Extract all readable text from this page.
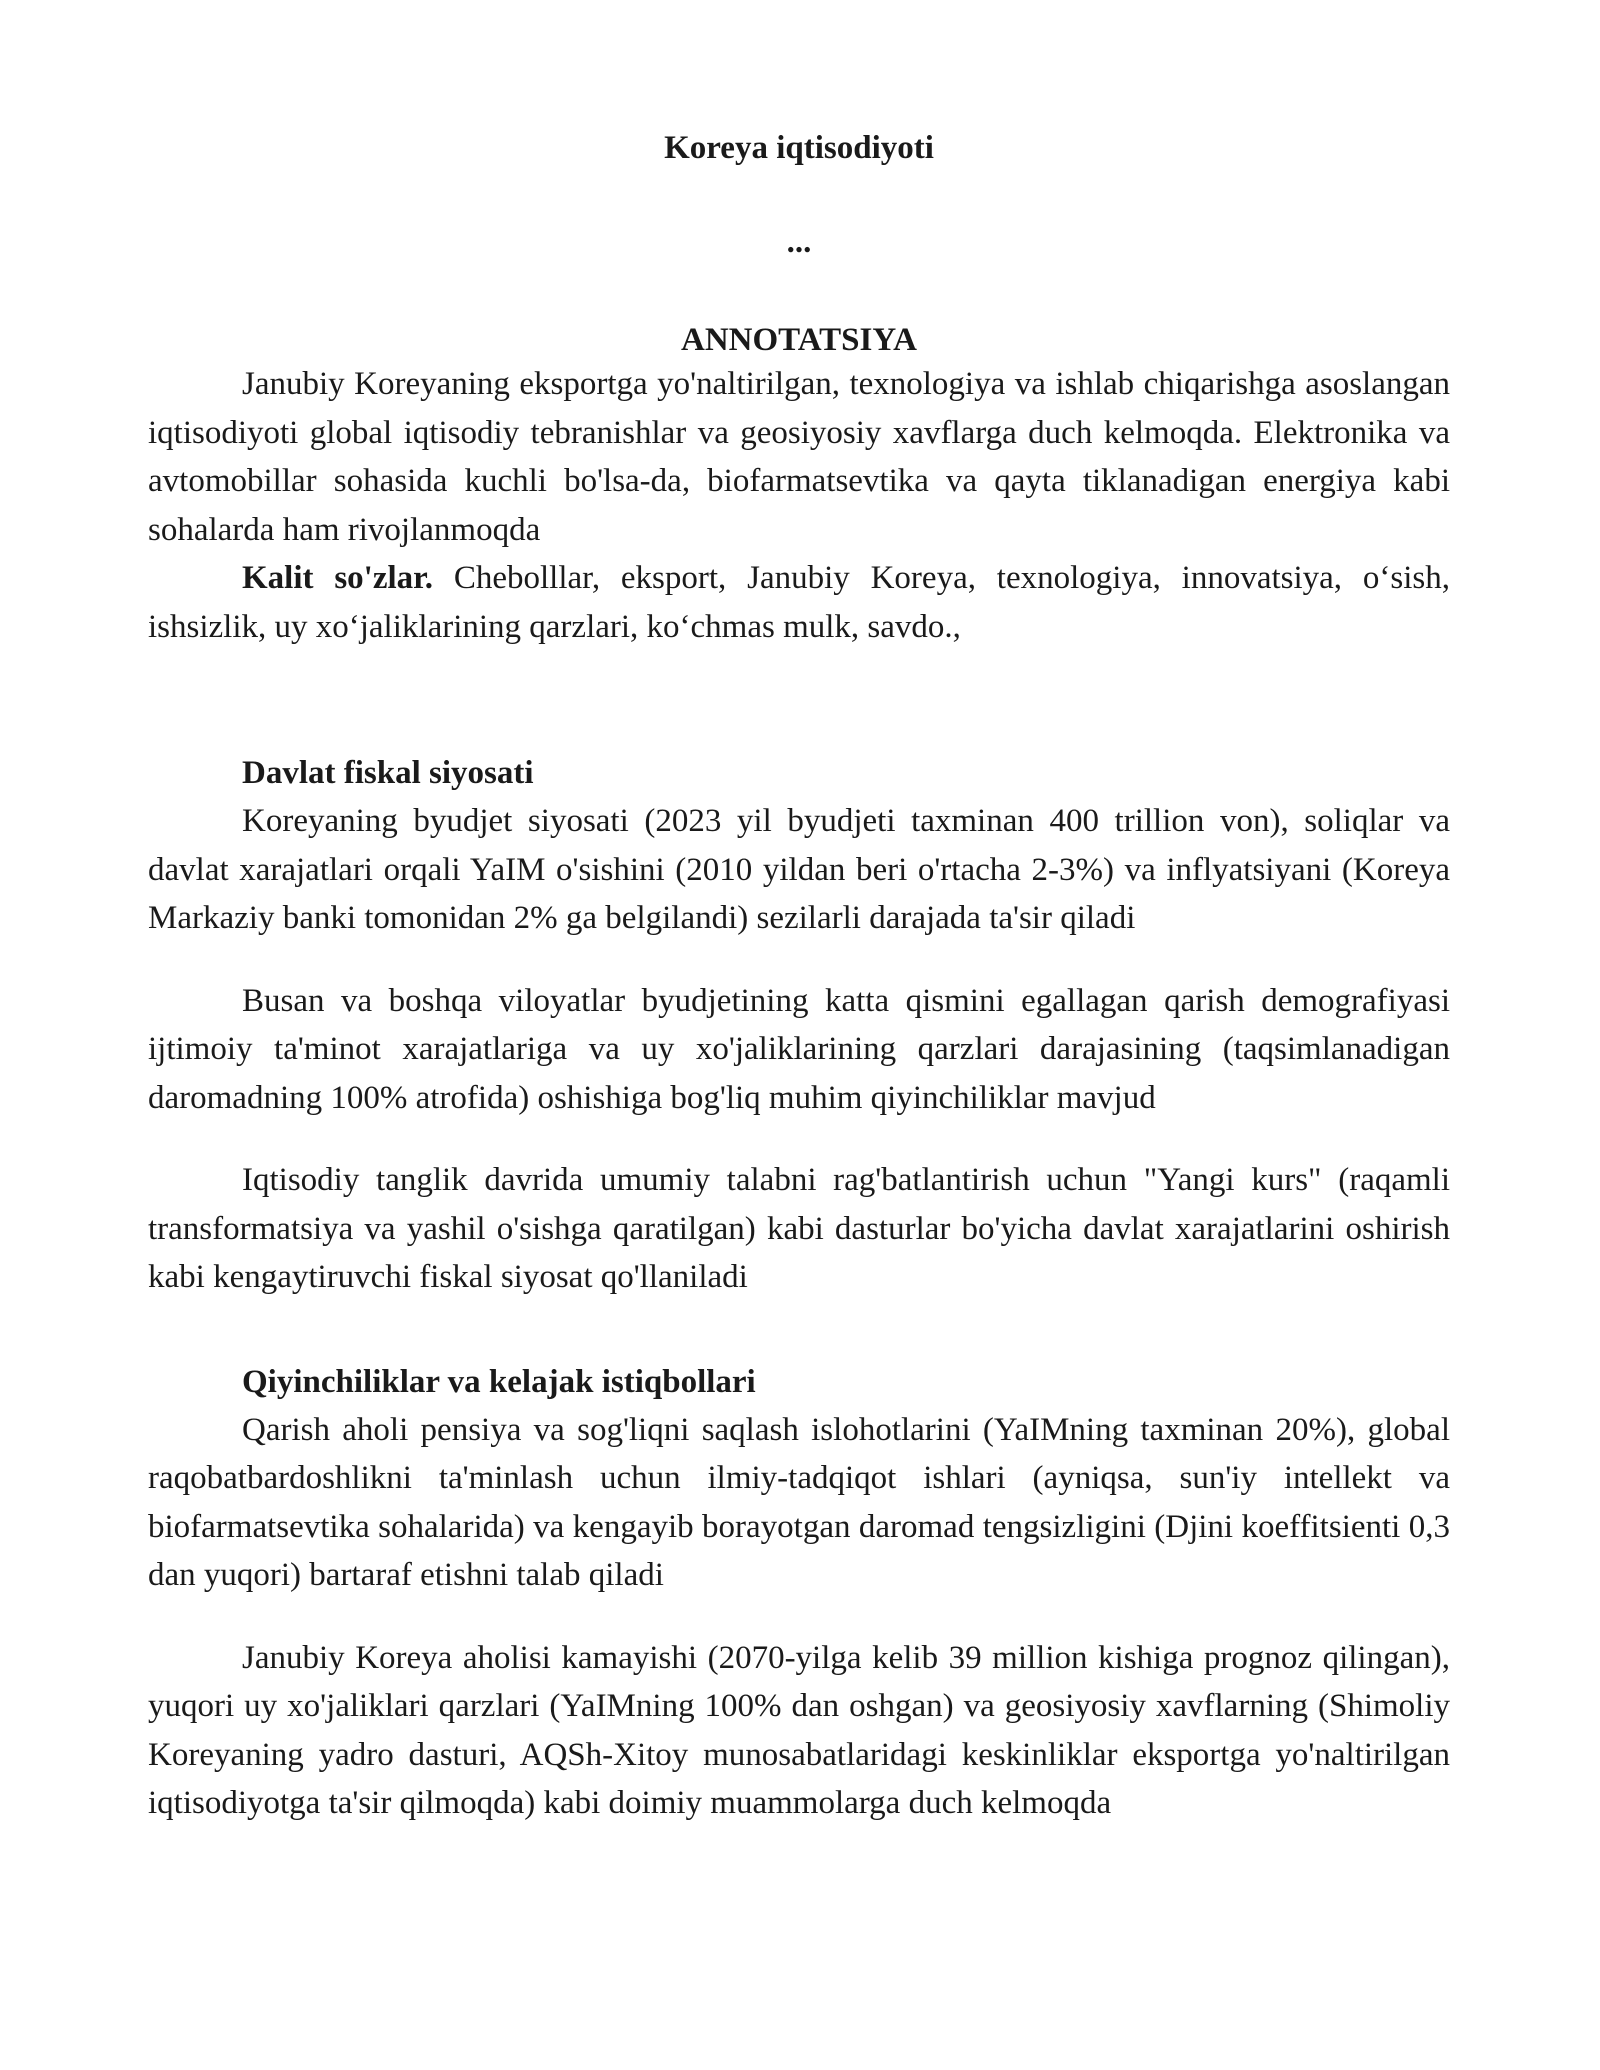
Koreya iqtisodiyoti
...
ANNOTATSIYA

Janubiy Koreyaning eksportga yo'naltirilgan, texnologiya va ishlab chiqarishga asoslangan iqtisodiyoti global iqtisodiy tebranishlar va geosiyosiy xavflarga duch kelmoqda. Elektronika va avtomobillar sohasida kuchli bo'lsa-da, biofarmatsevtika va qayta tiklanadigan energiya kabi sohalarda ham rivojlanmoqda

Kalit so'zlar. Chebolllar, eksport, Janubiy Koreya, texnologiya, innovatsiya, o‘sish, ishsizlik, uy xo‘jaliklarining qarzlari, ko‘chmas mulk, savdo.,

Davlat fiskal siyosati

Koreyaning byudjet siyosati (2023 yil byudjeti taxminan 400 trillion von), soliqlar va davlat xarajatlari orqali YaIM o'sishini (2010 yildan beri o'rtacha 2-3%) va inflyatsiyani (Koreya Markaziy banki tomonidan 2% ga belgilandi) sezilarli darajada ta'sir qiladi

Busan va boshqa viloyatlar byudjetining katta qismini egallagan qarish demografiyasi ijtimoiy ta'minot xarajatlariga va uy xo'jaliklarining qarzlari darajasining (taqsimlanadigan daromadning 100% atrofida) oshishiga bog'liq muhim qiyinchiliklar mavjud

Iqtisodiy tanglik davrida umumiy talabni rag'batlantirish uchun "Yangi kurs" (raqamli transformatsiya va yashil o'sishga qaratilgan) kabi dasturlar bo'yicha davlat xarajatlarini oshirish kabi kengaytiruvchi fiskal siyosat qo'llaniladi

Qiyinchiliklar va kelajak istiqbollari

Qarish aholi pensiya va sog'liqni saqlash islohotlarini (YaIMning taxminan 20%), global raqobatbardoshlikni ta'minlash uchun ilmiy-tadqiqot ishlari (ayniqsa, sun'iy intellekt va biofarmatsevtika sohalarida) va kengayib borayotgan daromad tengsizligini (Djini koeffitsienti 0,3 dan yuqori) bartaraf etishni talab qiladi

Janubiy Koreya aholisi kamayishi (2070-yilga kelib 39 million kishiga prognoz qilingan), yuqori uy xo'jaliklari qarzlari (YaIMning 100% dan oshgan) va geosiyosiy xavflarning (Shimoliy Koreyaning yadro dasturi, AQSh-Xitoy munosabatlaridagi keskinliklar eksportga yo'naltirilgan iqtisodiyotga ta'sir qilmoqda) kabi doimiy muammolarga duch kelmoqda
